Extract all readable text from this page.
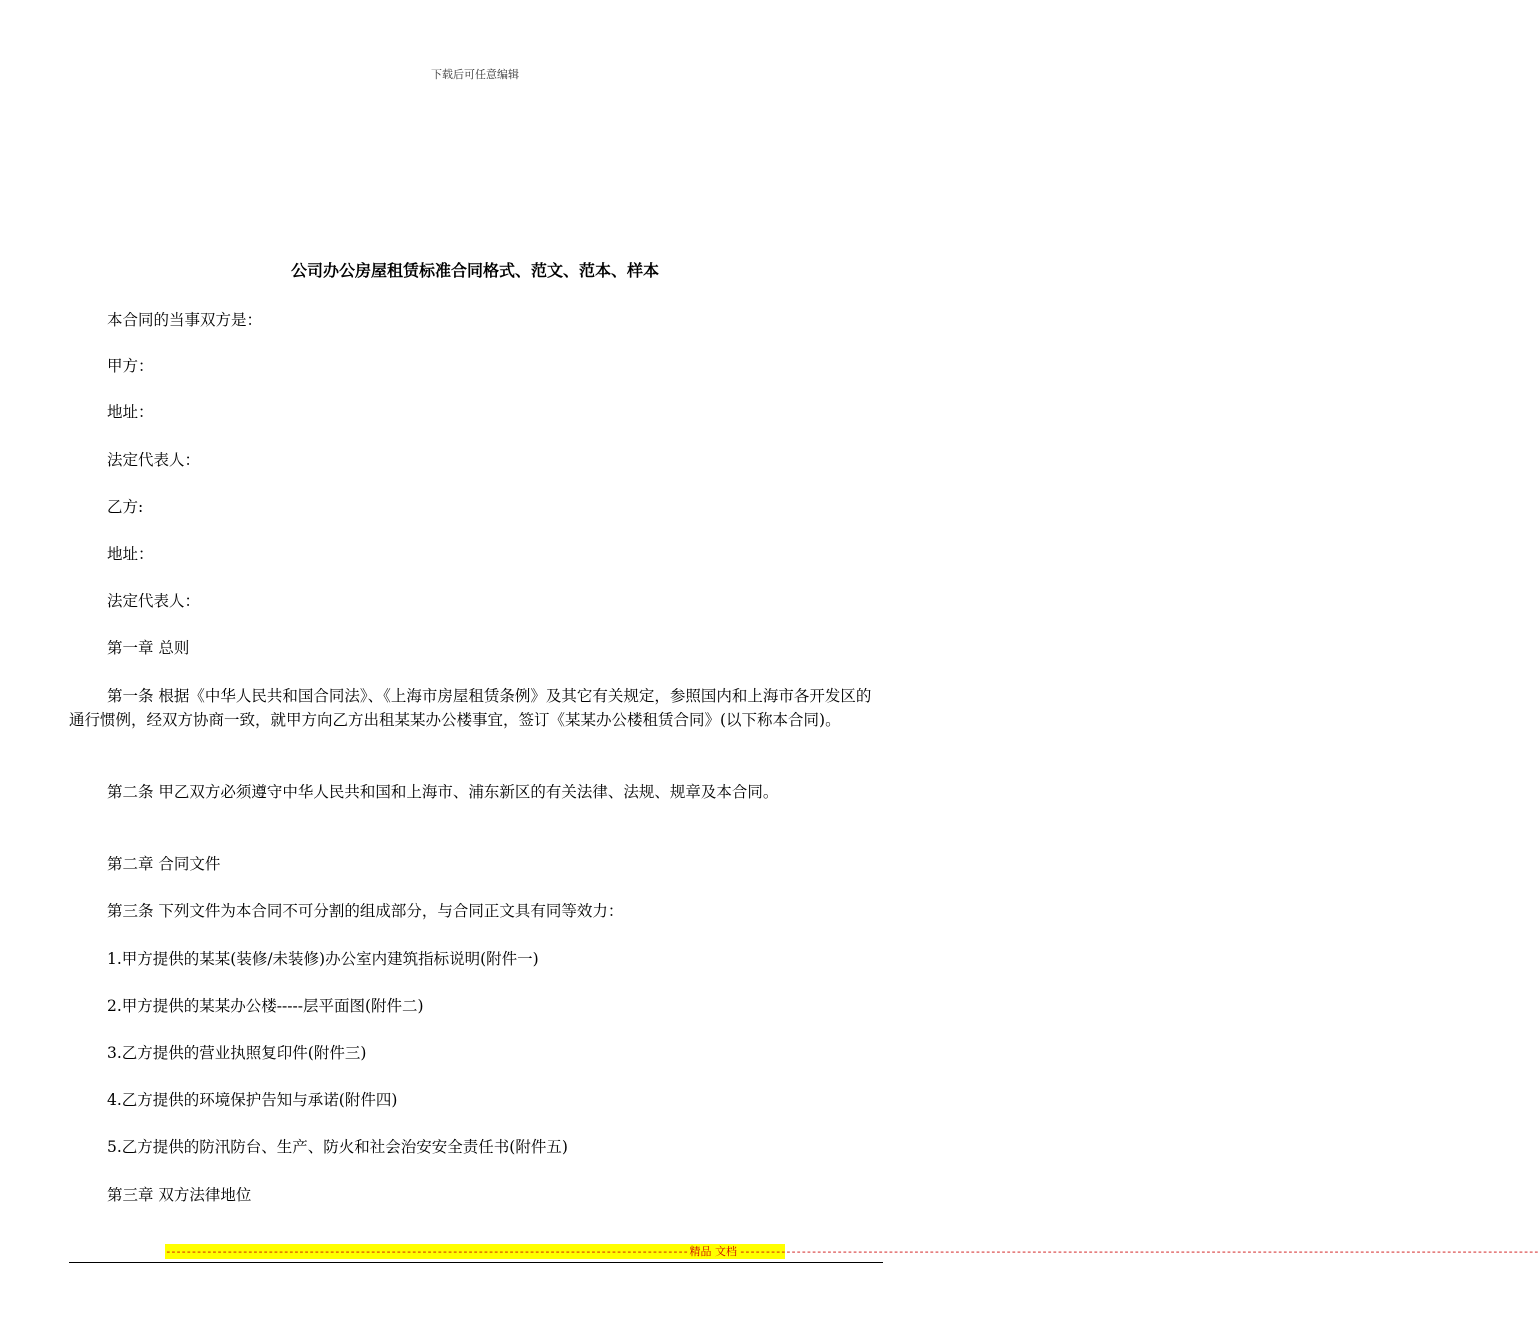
下载后可任意编辑
公司办公房屋租赁标准合同格式、范文、范本、样本
本合同的当事双方是：
甲方：
地址：
法定代表人：
乙方:
地址：
法定代表人：
第一章 总则
第一条 根据《中华人民共和国合同法》、《上海市房屋租赁条例》及其它有关规定，参照国内和上海市各开发区的通行惯例，经双方协商一致，就甲方向乙方出租某某办公楼事宜，签订《某某办公楼租赁合同》(以下称本合同)。
第二条 甲乙双方必须遵守中华人民共和国和上海市、浦东新区的有关法律、法规、规章及本合同。
第二章 合同文件
第三条 下列文件为本合同不可分割的组成部分，与合同正文具有同等效力：
1.甲方提供的某某(装修/未装修)办公室内建筑指标说明(附件一)
2.甲方提供的某某办公楼-----层平面图(附件二)
3.乙方提供的营业执照复印件(附件三)
4.乙方提供的环境保护告知与承诺(附件四)
5.乙方提供的防汛防台、生产、防火和社会治安安全责任书(附件五)
第三章 双方法律地位
------------------------------------------------------------------------------------------------------ 精品 文档 ------------------------------------------------------------------------------------------------------------------------------------------------------------
